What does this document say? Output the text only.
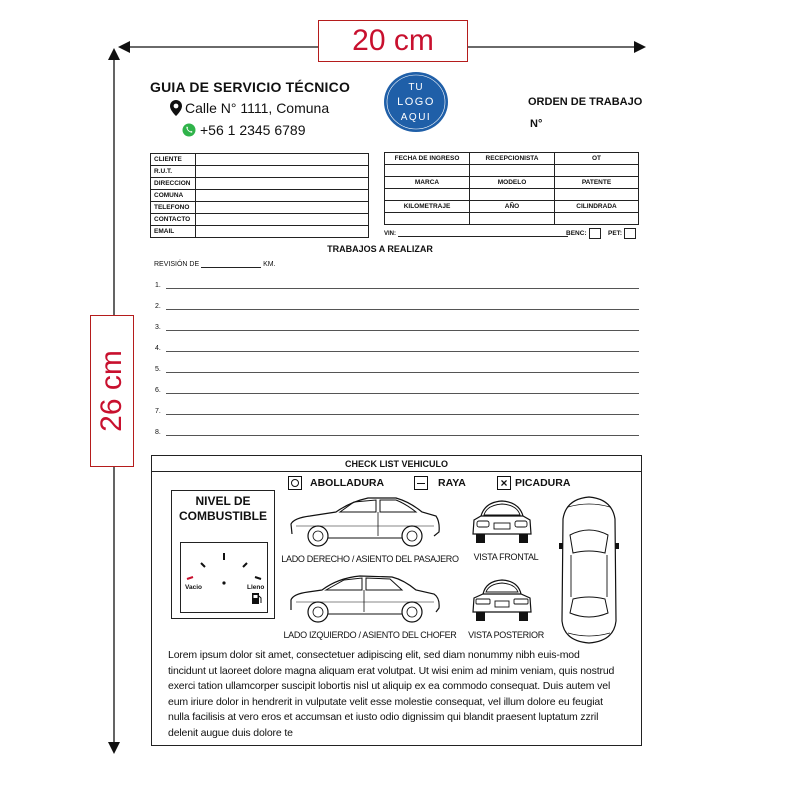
20 cm
26 cm
GUIA DE SERVICIO TÉCNICO
Calle N° 1111, Comuna
+56 1 2345 6789
TU
LOGO
AQUI
ORDEN DE TRABAJO
N°
CLIENTE	
R.U.T.	
DIRECCION	
COMUNA	
TELEFONO	
CONTACTO	
EMAIL	
FECHA DE INGRESO	RECEPCIONISTA	OT

MARCA	MODELO	PATENTE

KILOMETRAJE	AÑO	CILINDRADA

VIN:	BENC:	PET:
TRABAJOS A REALIZAR
REVISIÓN DE	KM.
1.
2.
3.
4.
5.
6.
7.
8.
CHECK LIST VEHICULO
ABOLLADURA	RAYA	× PICADURA
NIVEL DE
COMBUSTIBLE
Vacio	Lleno
LADO DERECHO / ASIENTO DEL PASAJERO	VISTA FRONTAL
LADO IZQUIERDO / ASIENTO DEL CHOFER	VISTA POSTERIOR
Lorem ipsum dolor sit amet, consectetuer adipiscing elit, sed diam nonummy nibh euis-mod tincidunt ut laoreet dolore magna aliquam erat volutpat. Ut wisi enim ad minim veniam, quis nostrud exerci tation ullamcorper suscipit lobortis nisl ut aliquip ex ea commodo consequat. Duis autem vel eum iriure dolor in hendrerit in vulputate velit esse molestie consequat, vel illum dolore eu feugiat nulla facilisis at vero eros et accumsan et iusto odio dignissim qui blandit praesent luptatum zzril delenit augue duis dolore te
